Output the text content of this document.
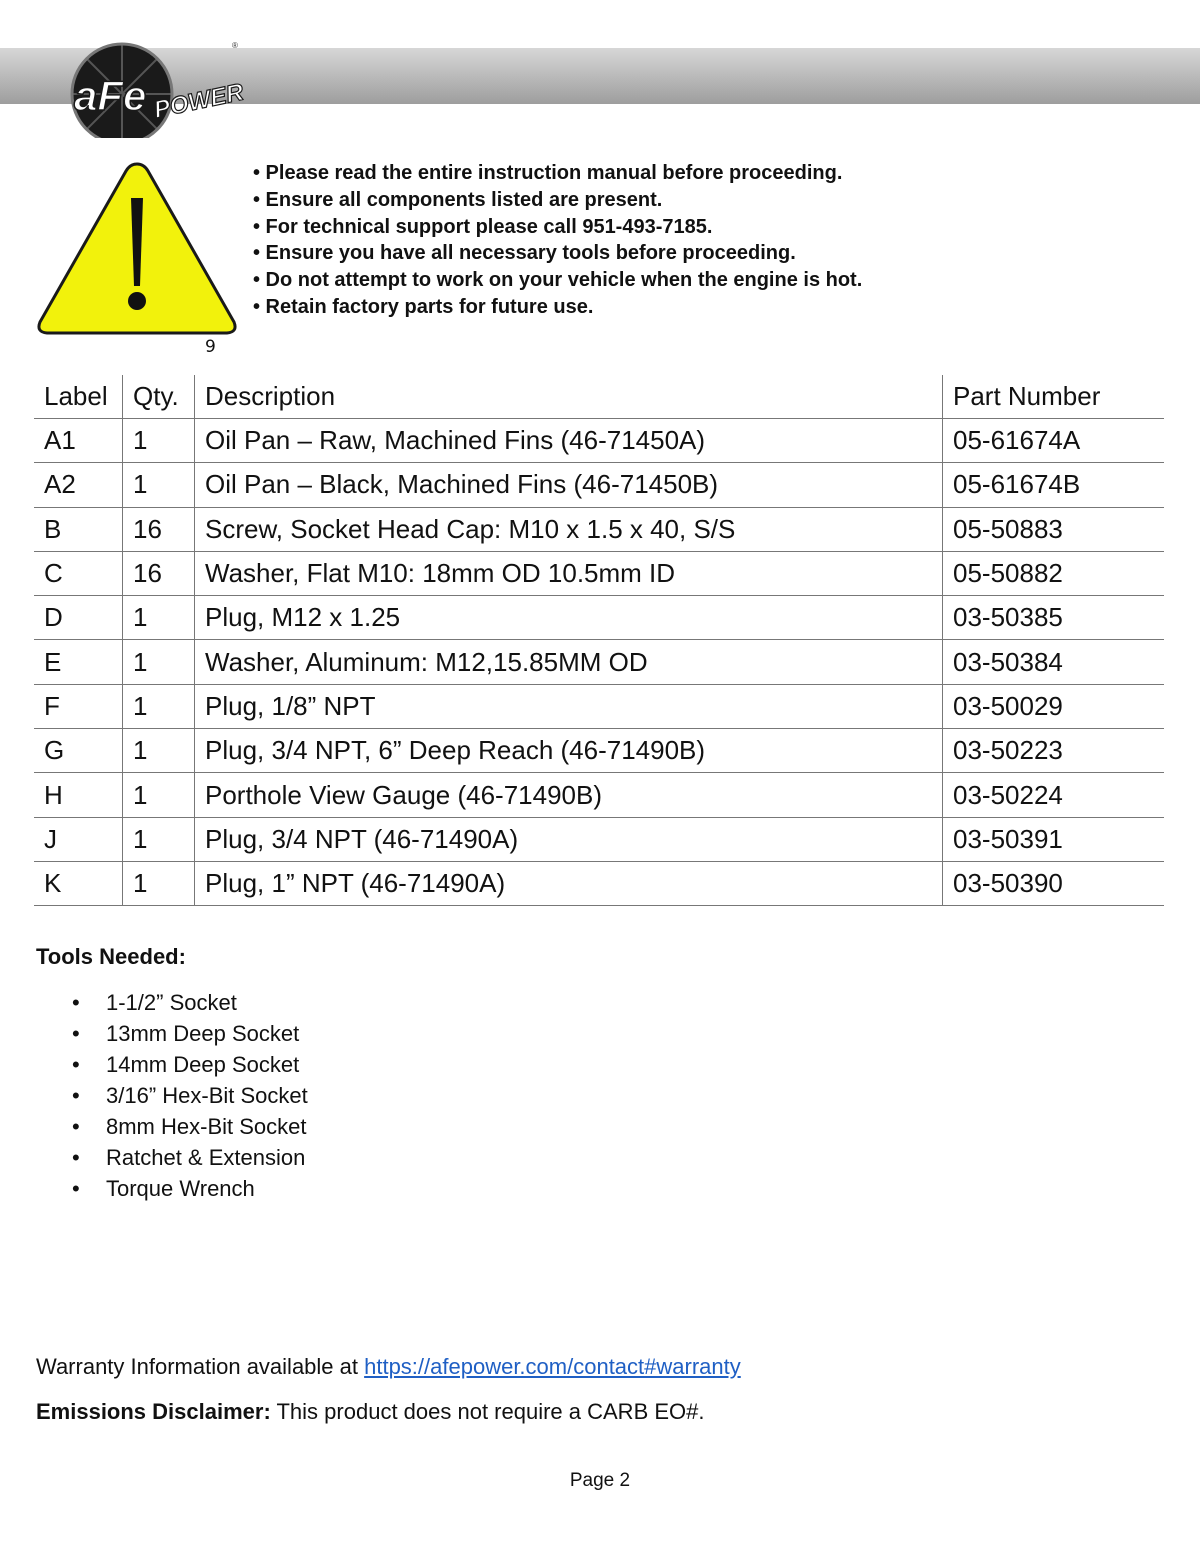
aFe POWER
®
9
• Please read the entire instruction manual before proceeding.
• Ensure all components listed are present.
• For technical support please call 951-493-7185.
• Ensure you have all necessary tools before proceeding.
• Do not attempt to work on your vehicle when the engine is hot.
• Retain factory parts for future use.
Label	Qty.	Description	Part Number
A1	1	Oil Pan – Raw, Machined Fins (46-71450A)	05-61674A
A2	1	Oil Pan – Black, Machined Fins (46-71450B)	05-61674B
B	16	Screw, Socket Head Cap: M10 x 1.5 x 40, S/S	05-50883
C	16	Washer, Flat M10: 18mm OD 10.5mm ID	05-50882
D	1	Plug, M12 x 1.25	03-50385
E	1	Washer, Aluminum: M12,15.85MM OD	03-50384
F	1	Plug, 1/8” NPT	03-50029
G	1	Plug, 3/4 NPT, 6” Deep Reach (46-71490B)	03-50223
H	1	Porthole View Gauge (46-71490B)	03-50224
J	1	Plug, 3/4 NPT (46-71490A)	03-50391
K	1	Plug, 1” NPT (46-71490A)	03-50390
Tools Needed:
• 1-1/2” Socket
• 13mm Deep Socket
• 14mm Deep Socket
• 3/16” Hex-Bit Socket
• 8mm Hex-Bit Socket
• Ratchet & Extension
• Torque Wrench
Warranty Information available at https://afepower.com/contact#warranty
Emissions Disclaimer: This product does not require a CARB EO#.
Page 2
